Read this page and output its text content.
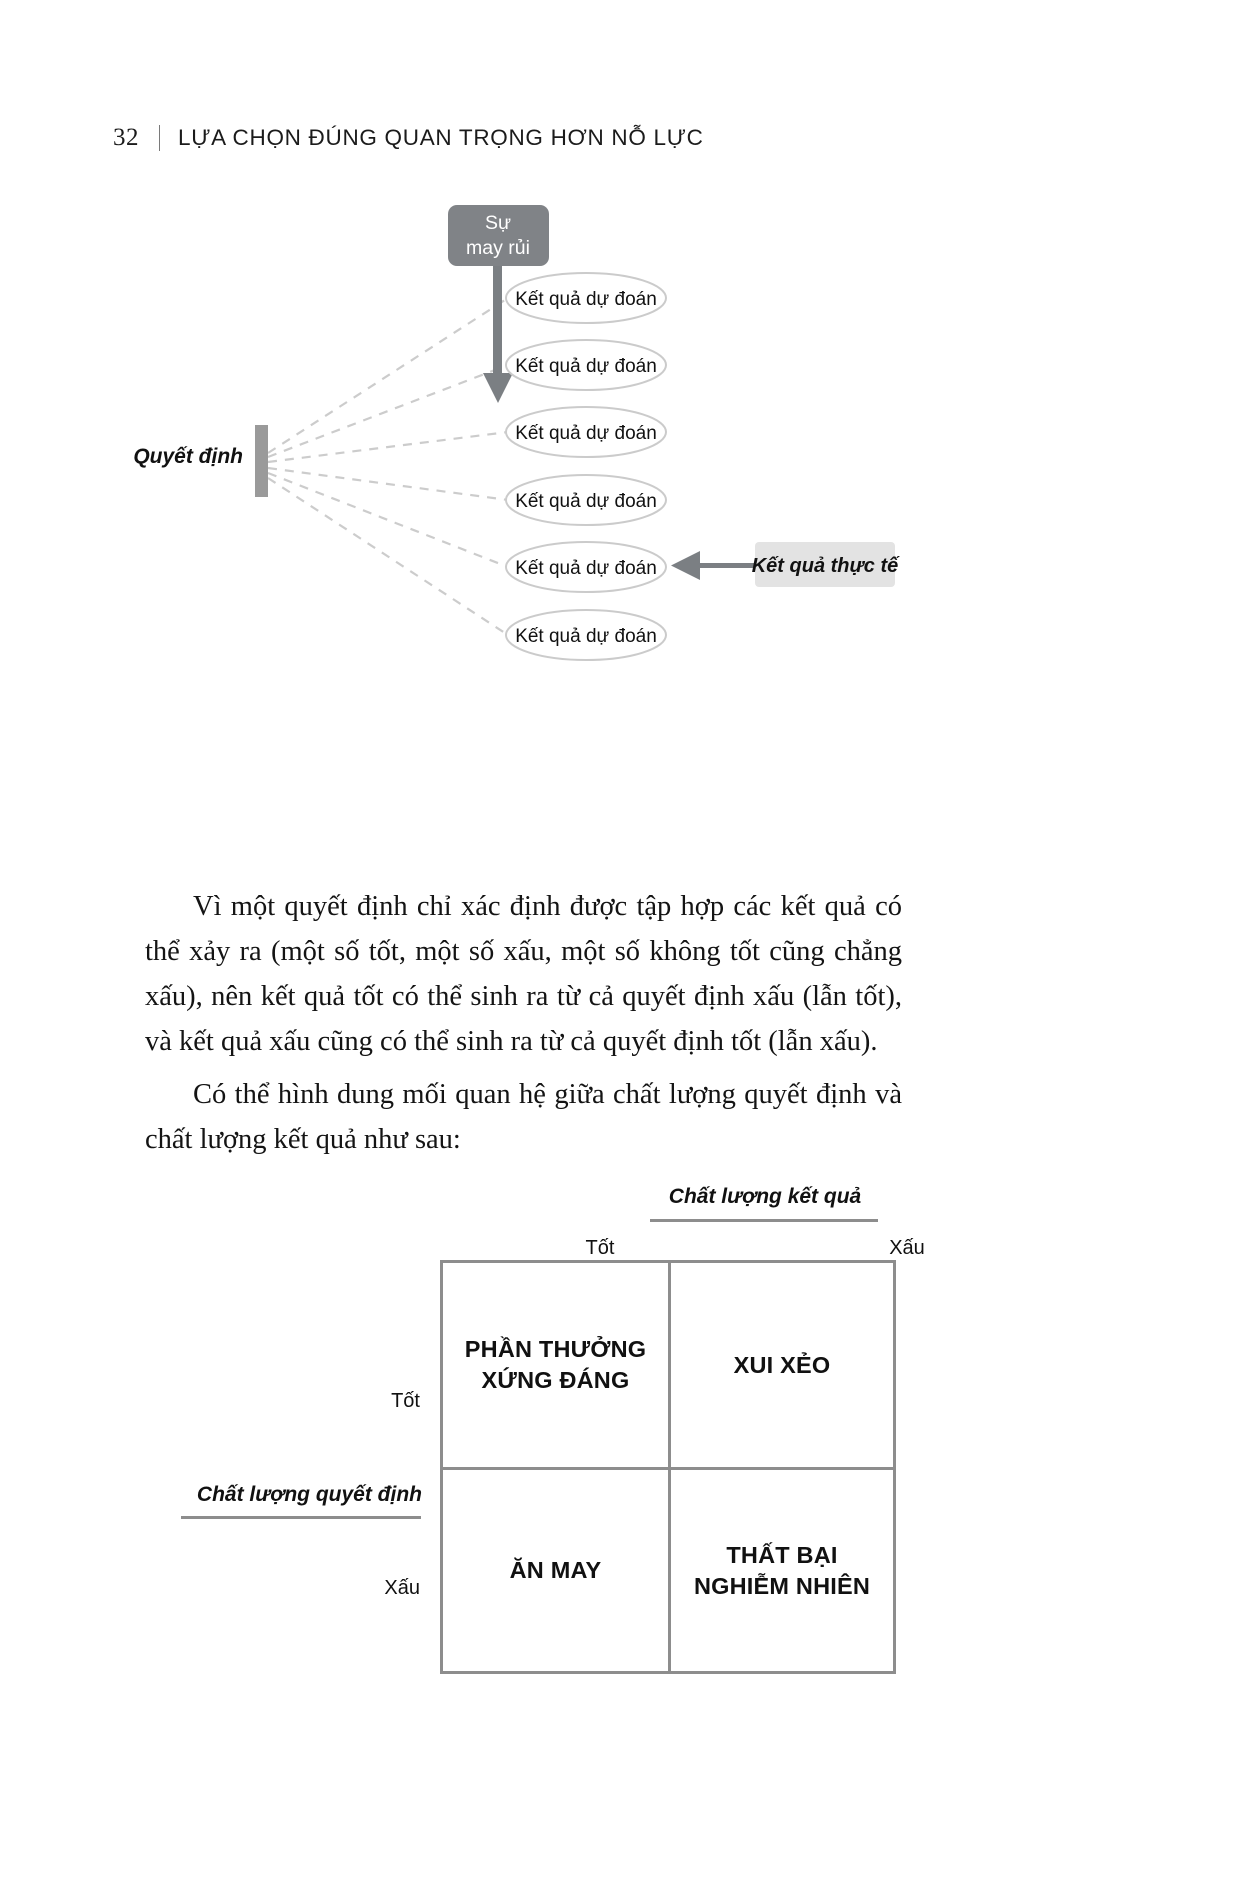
32 LỰA CHỌN ĐÚNG QUAN TRỌNG HƠN NỖ LỰC
Sự
may rủi
Quyết định
Kết quả dự đoán
Kết quả dự đoán
Kết quả dự đoán
Kết quả dự đoán
Kết quả dự đoán
Kết quả dự đoán
Kết quả thực tế

Vì một quyết định chỉ xác định được tập hợp các kết quả có thể xảy ra (một số tốt, một số xấu, một số không tốt cũng chẳng xấu), nên kết quả tốt có thể sinh ra từ cả quyết định xấu (lẫn tốt), và kết quả xấu cũng có thể sinh ra từ cả quyết định tốt (lẫn xấu).

Có thể hình dung mối quan hệ giữa chất lượng quyết định và chất lượng kết quả như sau:

Chất lượng kết quả
Tốt	Xấu
Chất lượng quyết định
Tốt
Xấu
PHẦN THƯỞNG
XỨNG ĐÁNG
XUI XẺO
ĂN MAY
THẤT BẠI
NGHIỄM NHIÊN
